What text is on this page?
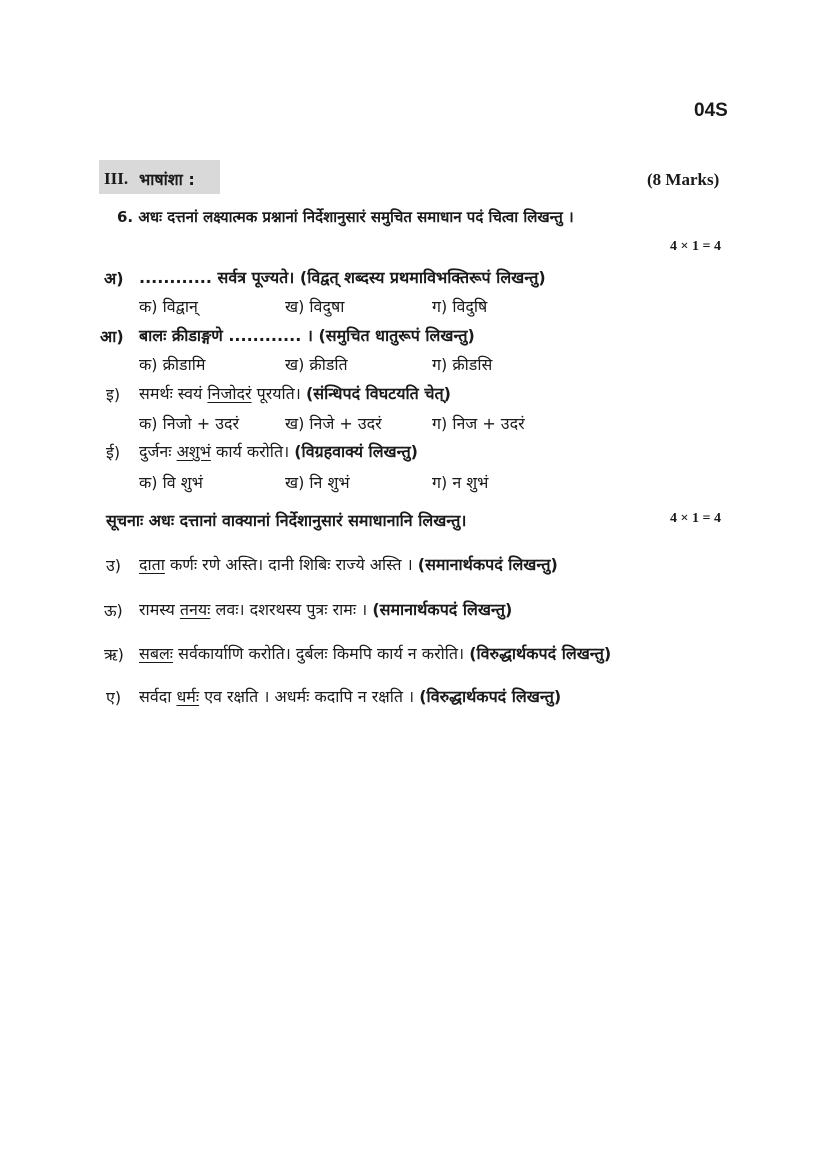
04S
III. भाषांशा :	(8 Marks)
6. अधः दत्तनां लक्ष्यात्मक प्रश्नानां निर्देशानुसारं समुचित समाधान पदं चित्वा लिखन्तु ।
4 × 1 = 4
अ) ............ सर्वत्र पूज्यते। (विद्वत् शब्दस्य प्रथमाविभक्तिरूपं लिखन्तु)
क) विद्वान्	ख) विदुषा	ग) विदुषि
आ) बालः क्रीडाङ्गणे ............ । (समुचित धातुरूपं लिखन्तु)
क) क्रीडामि	ख) क्रीडति	ग) क्रीडसि
इ) समर्थः स्वयं निजोदरं पूरयति। (संन्धिपदं विघटयति चेत्)
क) निजो + उदरं	ख) निजे + उदरं	ग) निज + उदरं
ई) दुर्जनः अशुभं कार्य करोति। (विग्रहवाक्यं लिखन्तु)
क) वि शुभं	ख) नि शुभं	ग) न शुभं
सूचनाः अधः दत्तानां वाक्यानां निर्देशानुसारं समाधानानि लिखन्तु।	4 × 1 = 4
उ) दाता कर्णः रणे अस्ति। दानी शिबिः राज्ये अस्ति । (समानार्थकपदं लिखन्तु)
ऊ) रामस्य तनयः लवः। दशरथस्य पुत्रः रामः । (समानार्थकपदं लिखन्तु)
ऋ) सबलः सर्वकार्याणि करोति। दुर्बलः किमपि कार्य न करोति। (विरुद्धार्थकपदं लिखन्तु)
ए) सर्वदा धर्मः एव रक्षति । अधर्मः कदापि न रक्षति । (विरुद्धार्थकपदं लिखन्तु)
